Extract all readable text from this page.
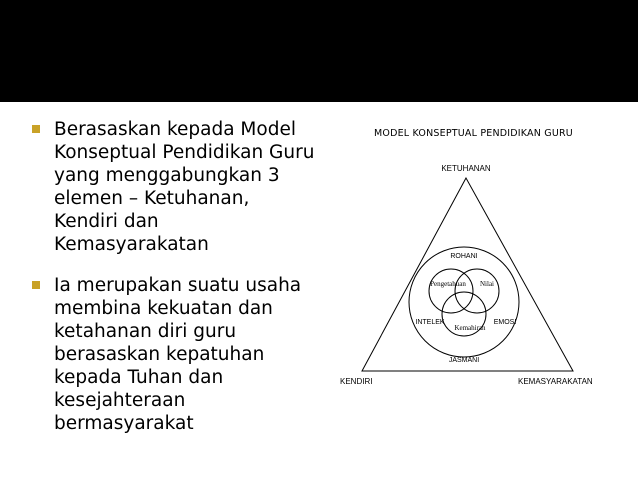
Berasaskan kepada Model
Konseptual Pendidikan Guru
yang menggabungkan 3
elemen – Ketuhanan,
Kendiri dan
Kemasyarakatan
Ia merupakan suatu usaha
membina kekuatan dan
ketahanan diri guru
berasaskan kepatuhan
kepada Tuhan dan
kesejahteraan
bermasyarakat
MODEL KONSEPTUAL PENDIDIKAN GURU
KETUHANAN
KENDIRI	KEMASYARAKATAN
ROHANI
Pengetahuan Nilai
INTELEK	EMOSI
Kemahiran
JASMANI
